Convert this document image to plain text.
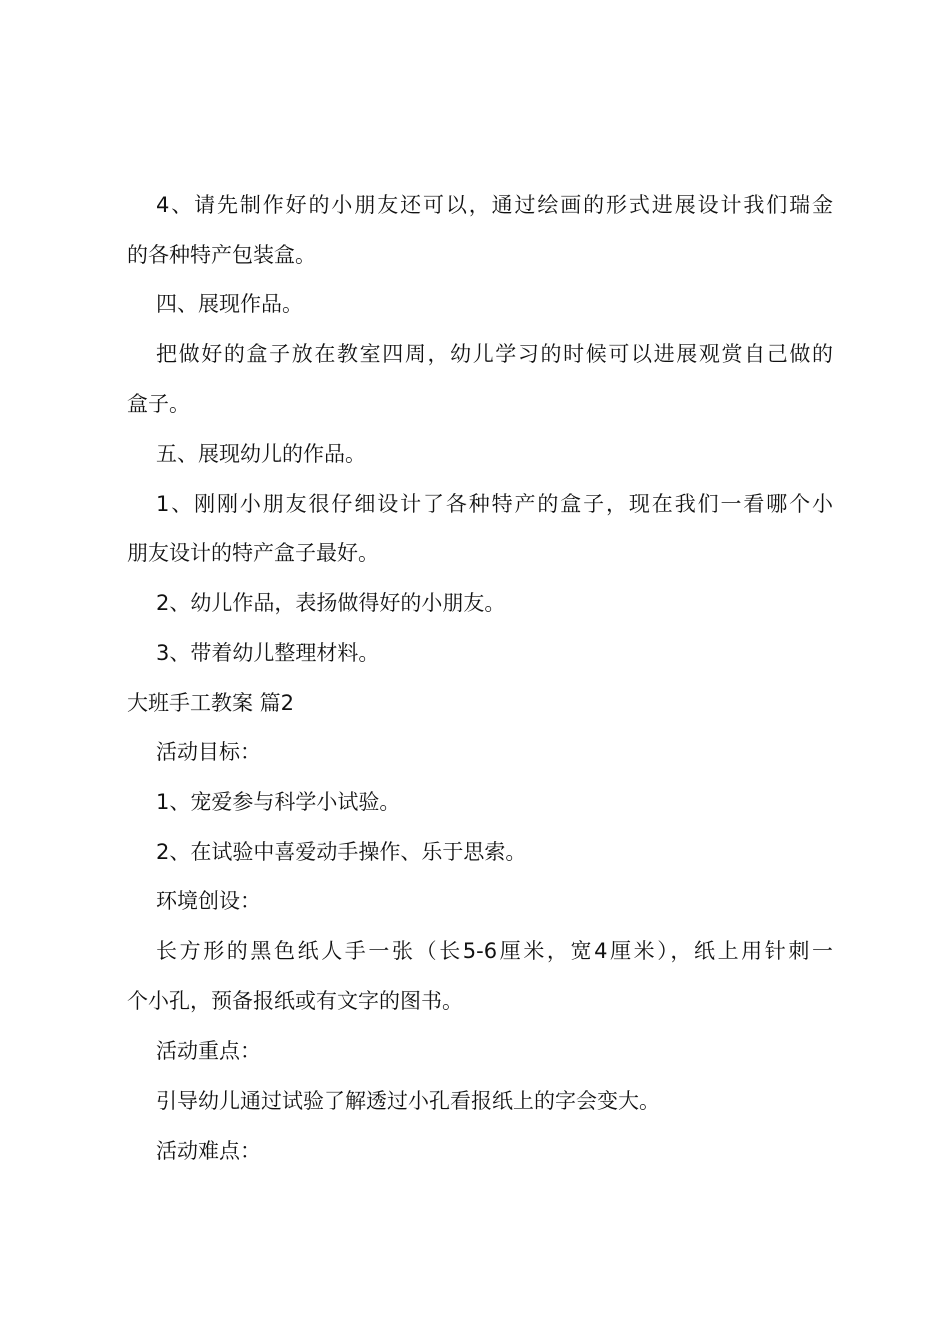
4、请先制作好的小朋友还可以，通过绘画的形式进展设计我们瑞金
的各种特产包装盒。
四、展现作品。
把做好的盒子放在教室四周，幼儿学习的时候可以进展观赏自己做的
盒子。
五、展现幼儿的作品。
1、刚刚小朋友很仔细设计了各种特产的盒子，现在我们一看哪个小
朋友设计的特产盒子最好。
2、幼儿作品，表扬做得好的小朋友。
3、带着幼儿整理材料。
大班手工教案 篇2
活动目标：
1、宠爱参与科学小试验。
2、在试验中喜爱动手操作、乐于思索。
环境创设：
长方形的黑色纸人手一张（长5-6厘米，宽4厘米），纸上用针刺一
个小孔，预备报纸或有文字的图书。
活动重点：
引导幼儿通过试验了解透过小孔看报纸上的字会变大。
活动难点：
